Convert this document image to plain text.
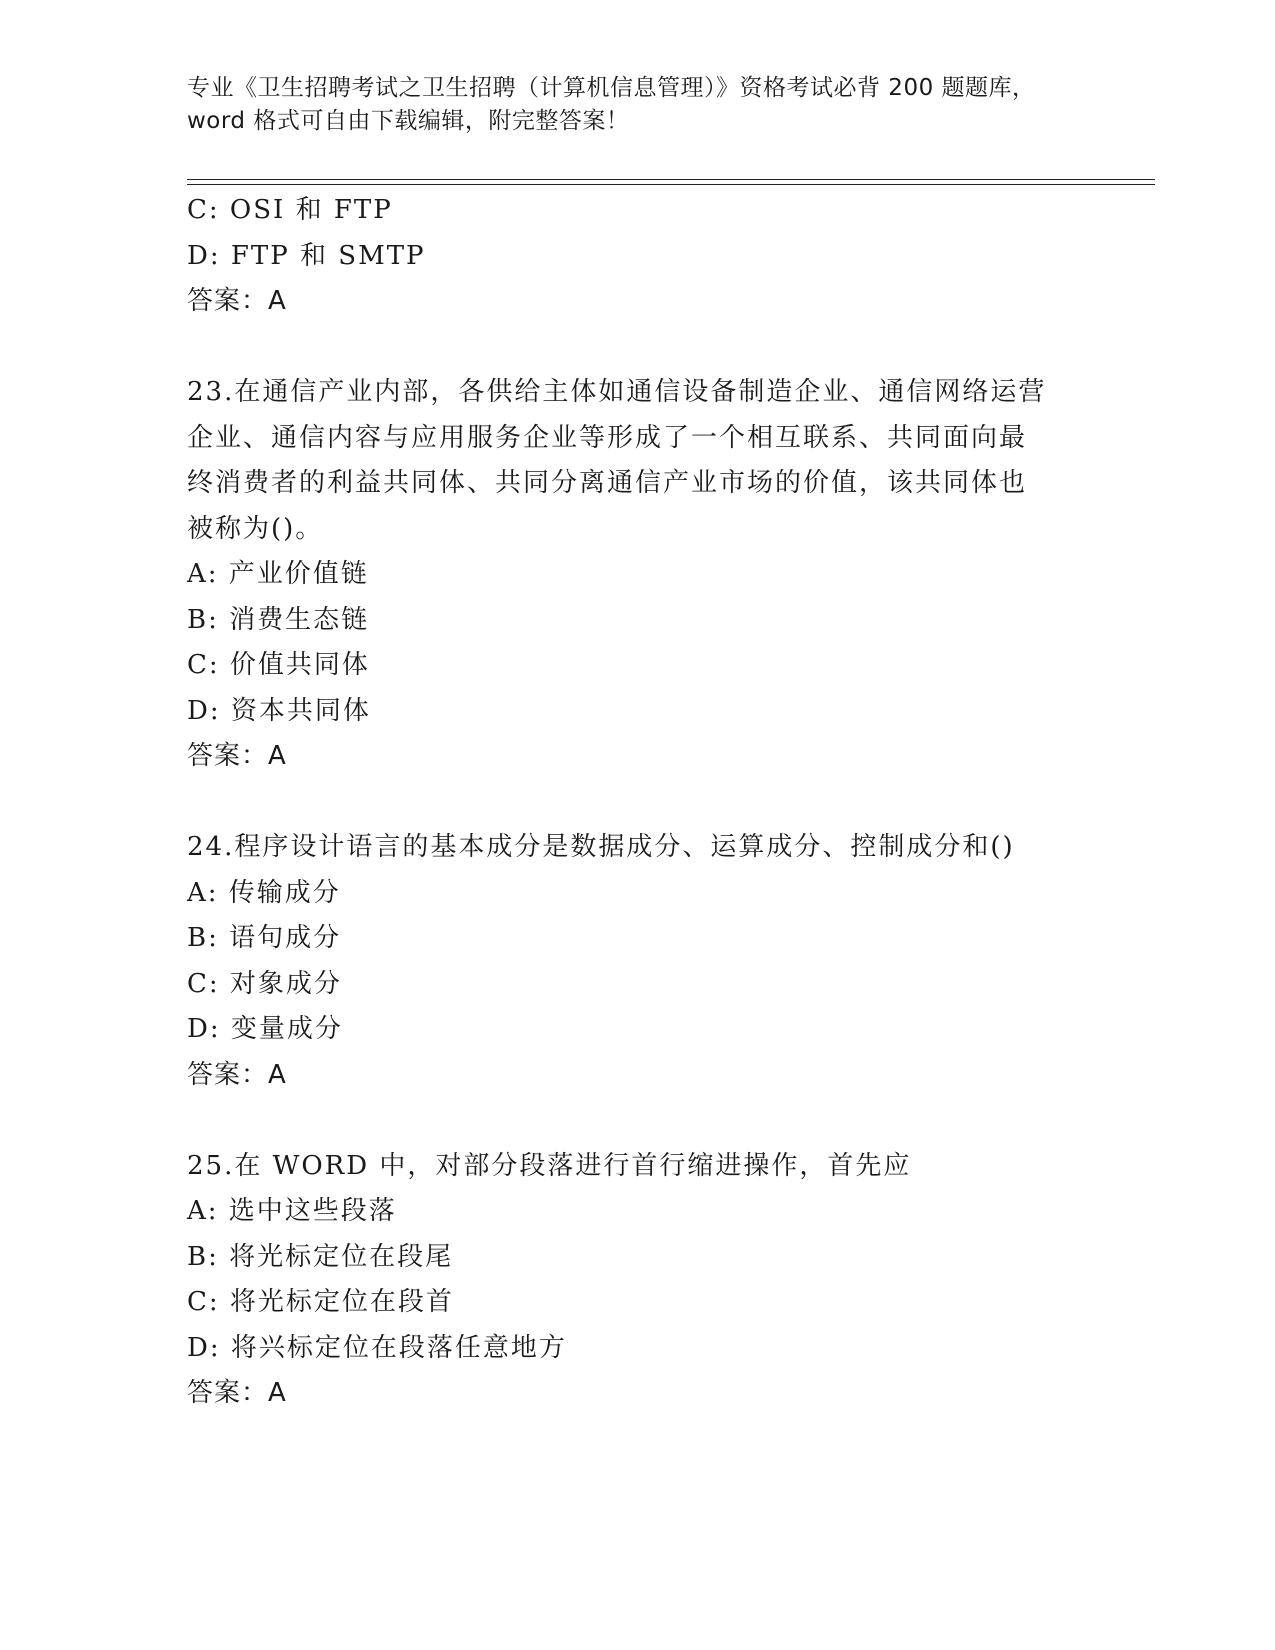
专业《卫生招聘考试之卫生招聘（计算机信息管理）》资格考试必背 200 题题库，
word 格式可自由下载编辑，附完整答案！
C: OSI 和 FTP
D: FTP 和 SMTP
答案：A
23.在通信产业内部，各供给主体如通信设备制造企业、通信网络运营
企业、通信内容与应用服务企业等形成了一个相互联系、共同面向最
终消费者的利益共同体、共同分离通信产业市场的价值，该共同体也
被称为()。
A: 产业价值链
B: 消费生态链
C: 价值共同体
D: 资本共同体
答案：A
24.程序设计语言的基本成分是数据成分、运算成分、控制成分和()
A: 传输成分
B: 语句成分
C: 对象成分
D: 变量成分
答案：A
25.在 WORD 中，对部分段落进行首行缩进操作，首先应
A: 选中这些段落
B: 将光标定位在段尾
C: 将光标定位在段首
D: 将兴标定位在段落任意地方
答案：A
